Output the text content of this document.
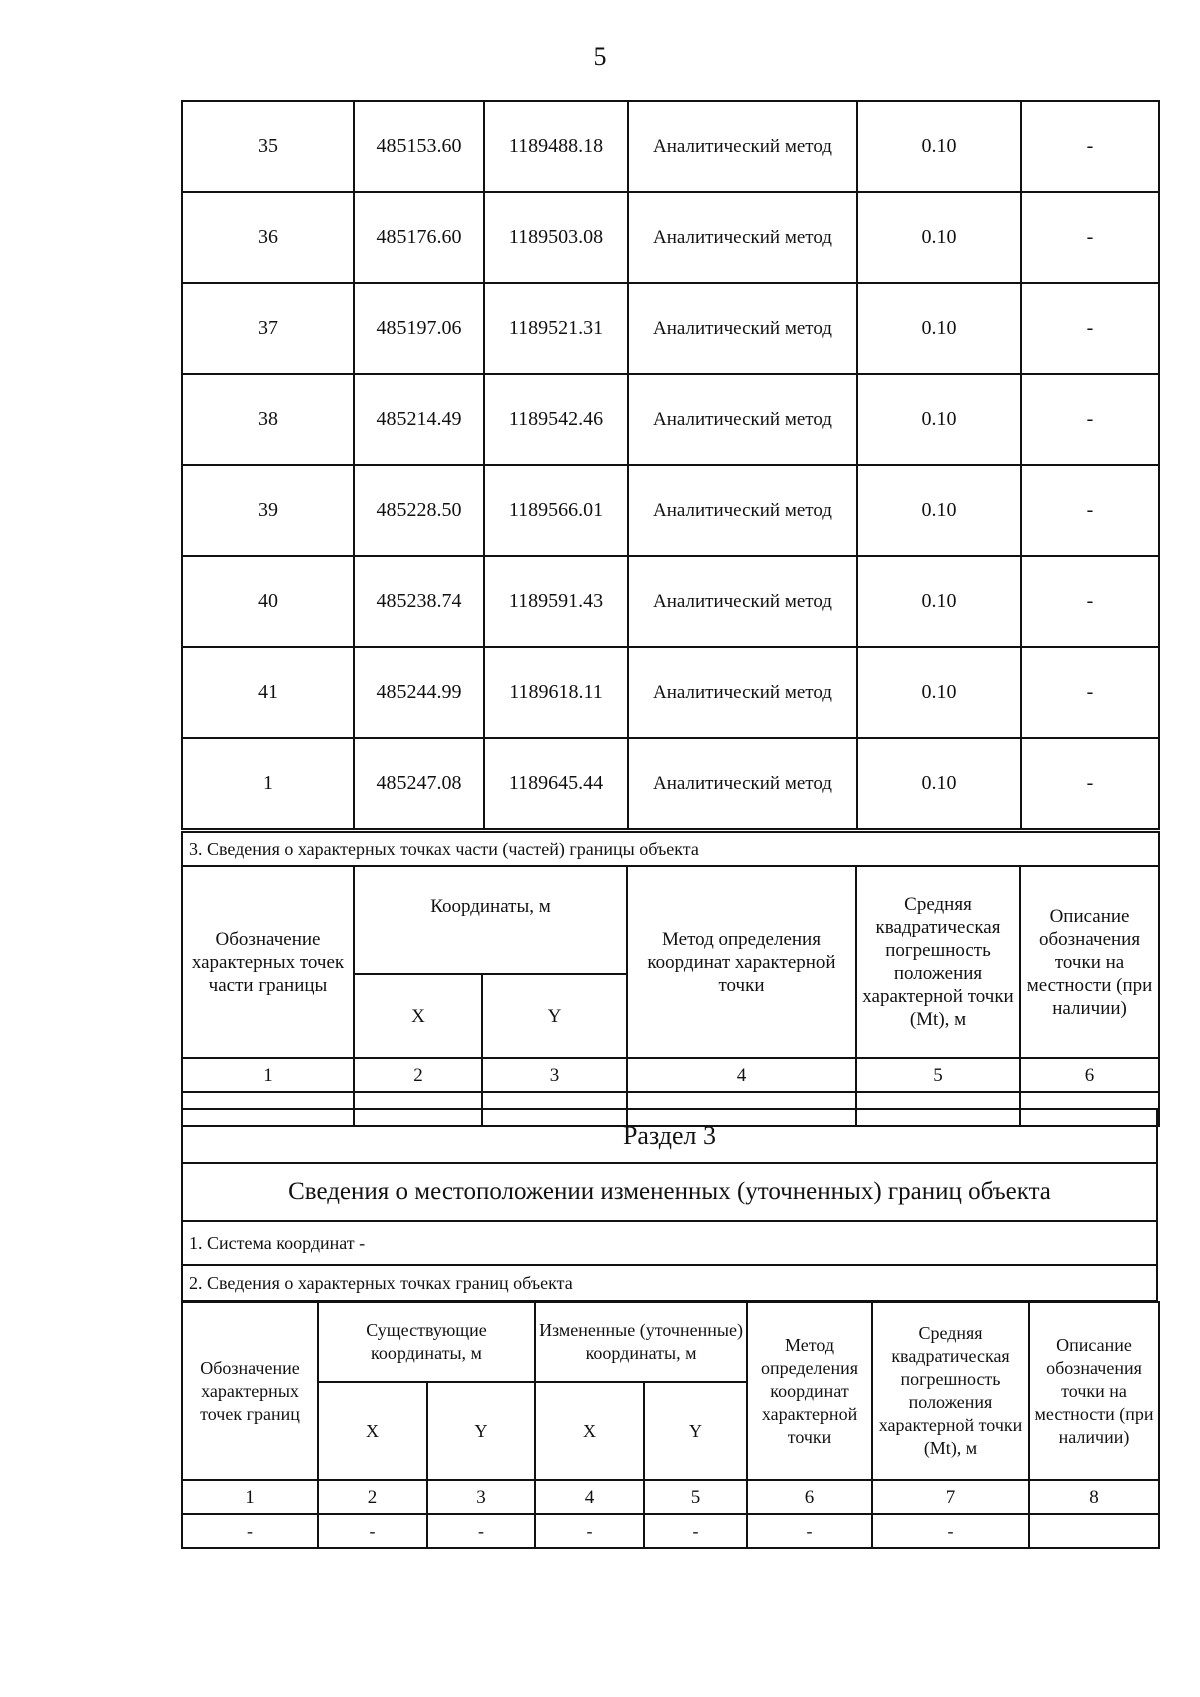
5
35	485153.60	1189488.18	Аналитический метод	0.10	-
36	485176.60	1189503.08	Аналитический метод	0.10	-
37	485197.06	1189521.31	Аналитический метод	0.10	-
38	485214.49	1189542.46	Аналитический метод	0.10	-
39	485228.50	1189566.01	Аналитический метод	0.10	-
40	485238.74	1189591.43	Аналитический метод	0.10	-
41	485244.99	1189618.11	Аналитический метод	0.10	-
1	485247.08	1189645.44	Аналитический метод	0.10	-
3. Сведения о характерных точках части (частей) границы объекта					
Обозначение характерных точек части границы	Координаты, м		Метод определения координат характерной точки	Средняя квадратическая погрешность положения характерной точки (Mt), м	Описание обозначения точки на местности (при наличии)
	X	Y			
1	2	3	4	5	6

Раздел 3
Сведения о местоположении измененных (уточненных) границ объекта
1. Система координат -
2. Сведения о характерных точках границ объекта
Обозначение характерных точек границ	Существующие координаты, м		Измененные (уточненные) координаты, м		Метод определения координат характерной точки	Средняя квадратическая погрешность положения характерной точки (Mt), м	Описание обозначения точки на местности (при наличии)
	X	Y	X	Y			
1	2	3	4	5	6	7	8
-	-	-	-	-	-	-	
